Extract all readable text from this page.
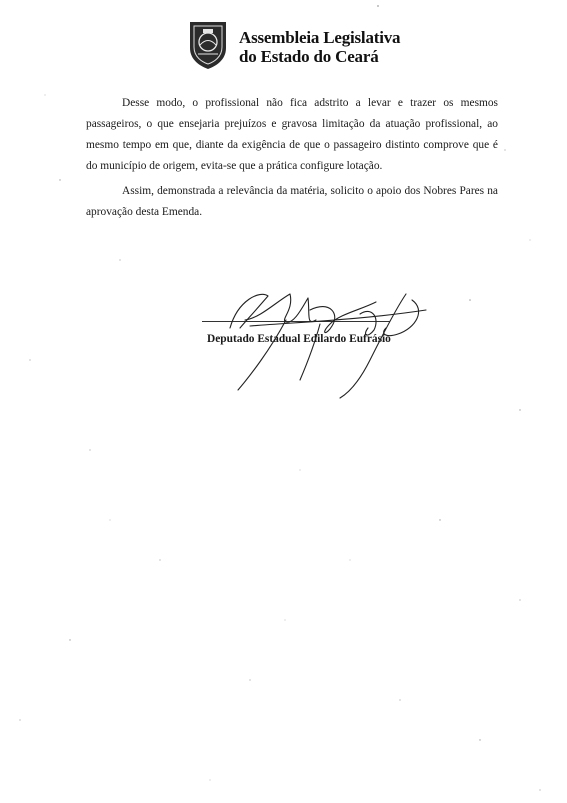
Assembleia Legislativa
do Estado do Ceará

Desse modo, o profissional não fica adstrito a levar e trazer os mesmos passageiros, o que ensejaria prejuízos e gravosa limitação da atuação profissional, ao mesmo tempo em que, diante da exigência de que o passageiro distinto comprove que é do município de origem, evita-se que a prática configure lotação.

Assim, demonstrada a relevância da matéria, solicito o apoio dos Nobres Pares na aprovação desta Emenda.

Deputado Estadual Edilardo Eufrásio
